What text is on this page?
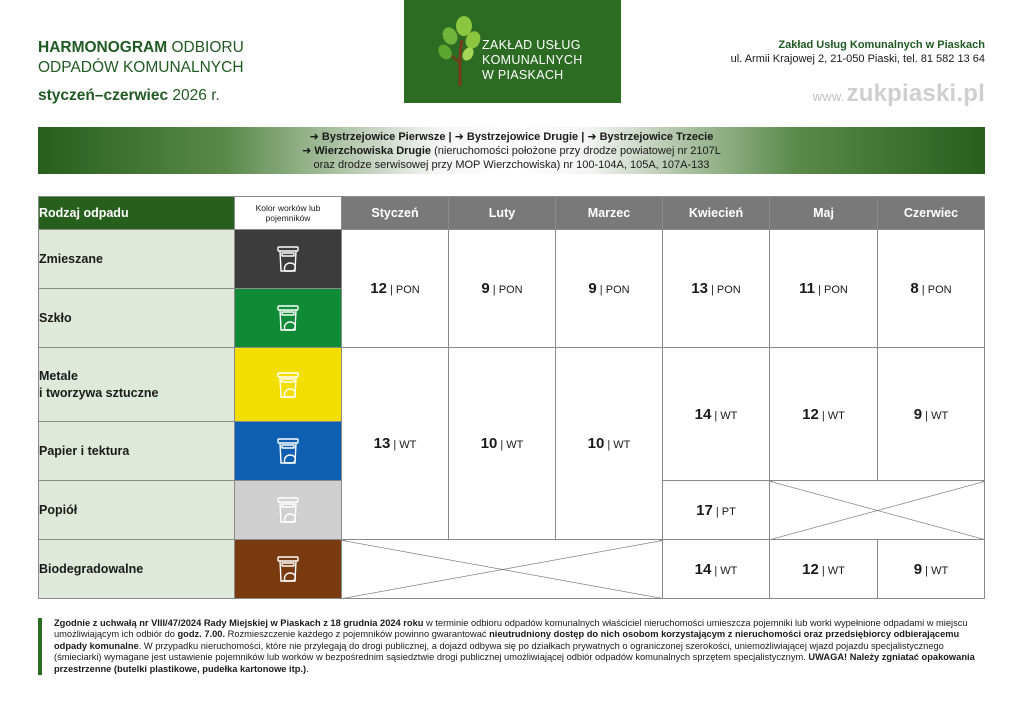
HARMONOGRAM ODBIORU
ODPADÓW KOMUNALNYCH
styczeń–czerwiec 2026 r.
ZAKŁAD USŁUG
KOMUNALNYCH
W PIASKACH
Zakład Usług Komunalnych w Piaskach
ul. Armii Krajowej 2, 21-050 Piaski, tel. 81 582 13 64
www.zukpiaski.pl
➜ Bystrzejowice Pierwsze | ➜ Bystrzejowice Drugie | ➜ Bystrzejowice Trzecie
➜ Wierzchowiska Drugie (nieruchomości położone przy drodze powiatowej nr 2107L
oraz drodze serwisowej przy MOP Wierzchowiska) nr 100-104A, 105A, 107A-133
Rodzaj odpadu	Kolor worków lub pojemników	Styczeń	Luty	Marzec	Kwiecień	Maj	Czerwiec
Zmieszane		12 | PON	9 | PON	9 | PON	13 | PON	11 | PON	8 | PON
Szkło	

Metale
i tworzywa sztuczne		13 | WT	10 | WT	10 | WT	14 | WT	12 | WT	9 | WT
Papier i tektura	

Popiół					17 | PT		
Biodegradowalne					14 | WT	12 | WT	9 | WT
Zgodnie z uchwałą nr VIII/47/2024 Rady Miejskiej w Piaskach z 18 grudnia 2024 roku w terminie odbioru odpadów komunalnych właściciel nieruchomości umieszcza pojemniki lub worki wypełnione odpadami w miejscu umożliwiającym ich odbiór do godz. 7.00. Rozmieszczenie każdego z pojemników powinno gwarantować nieutrudniony dostęp do nich osobom korzystającym z nieruchomości oraz przedsiębiorcy odbierającemu odpady komunalne. W przypadku nieruchomości, które nie przylegają do drogi publicznej, a dojazd odbywa się po działkach prywatnych o ograniczonej szerokości, uniemożliwiającej wjazd pojazdu specjalistycznego (śmieciarki) wymagane jest ustawienie pojemników lub worków w bezpośrednim sąsiedztwie drogi publicznej umożliwiającej odbiór odpadów komunalnych sprzętem specjalistycznym. UWAGA! Należy zgniatać opakowania przestrzenne (butelki plastikowe, pudełka kartonowe itp.).
